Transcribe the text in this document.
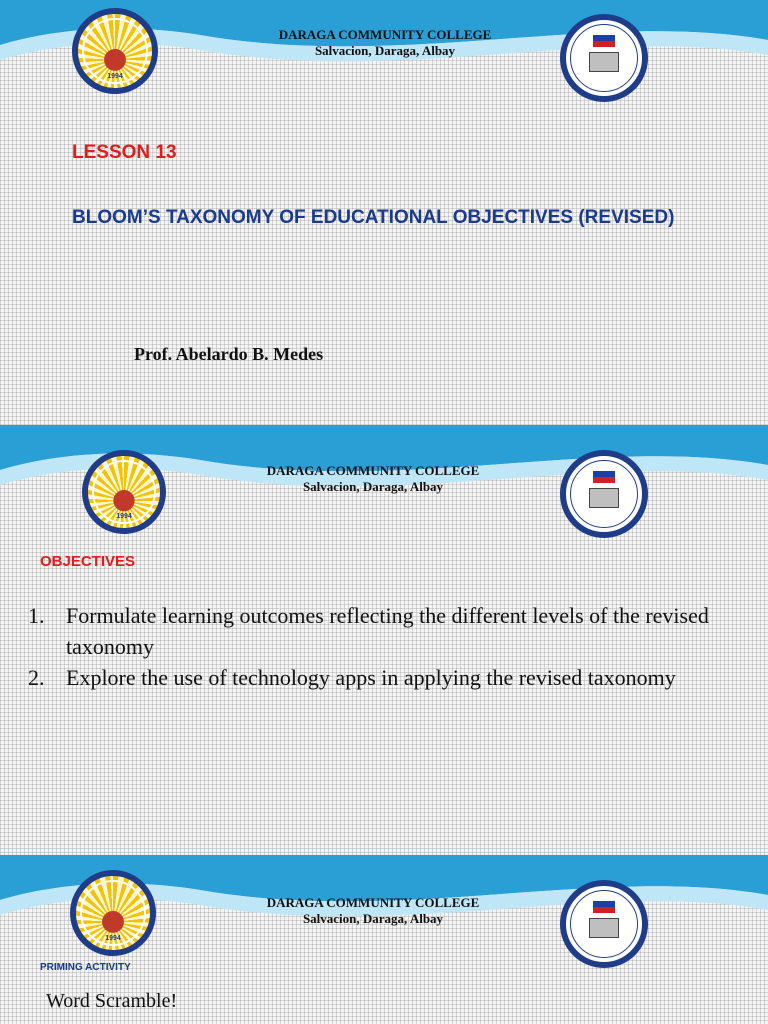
1994
DARAGA COMMUNITY COLLEGE
Salvacion, Daraga, Albay
LESSON 13
BLOOM’S TAXONOMY OF EDUCATIONAL OBJECTIVES (REVISED)
Prof. Abelardo B. Medes
1994
DARAGA COMMUNITY COLLEGE
Salvacion, Daraga, Albay
OBJECTIVES
1. Formulate learning outcomes reflecting the different levels of the revised taxonomy
2. Explore the use of technology apps in applying the revised taxonomy
1994
DARAGA COMMUNITY COLLEGE
Salvacion, Daraga, Albay
PRIMING ACTIVITY
Word Scramble!
